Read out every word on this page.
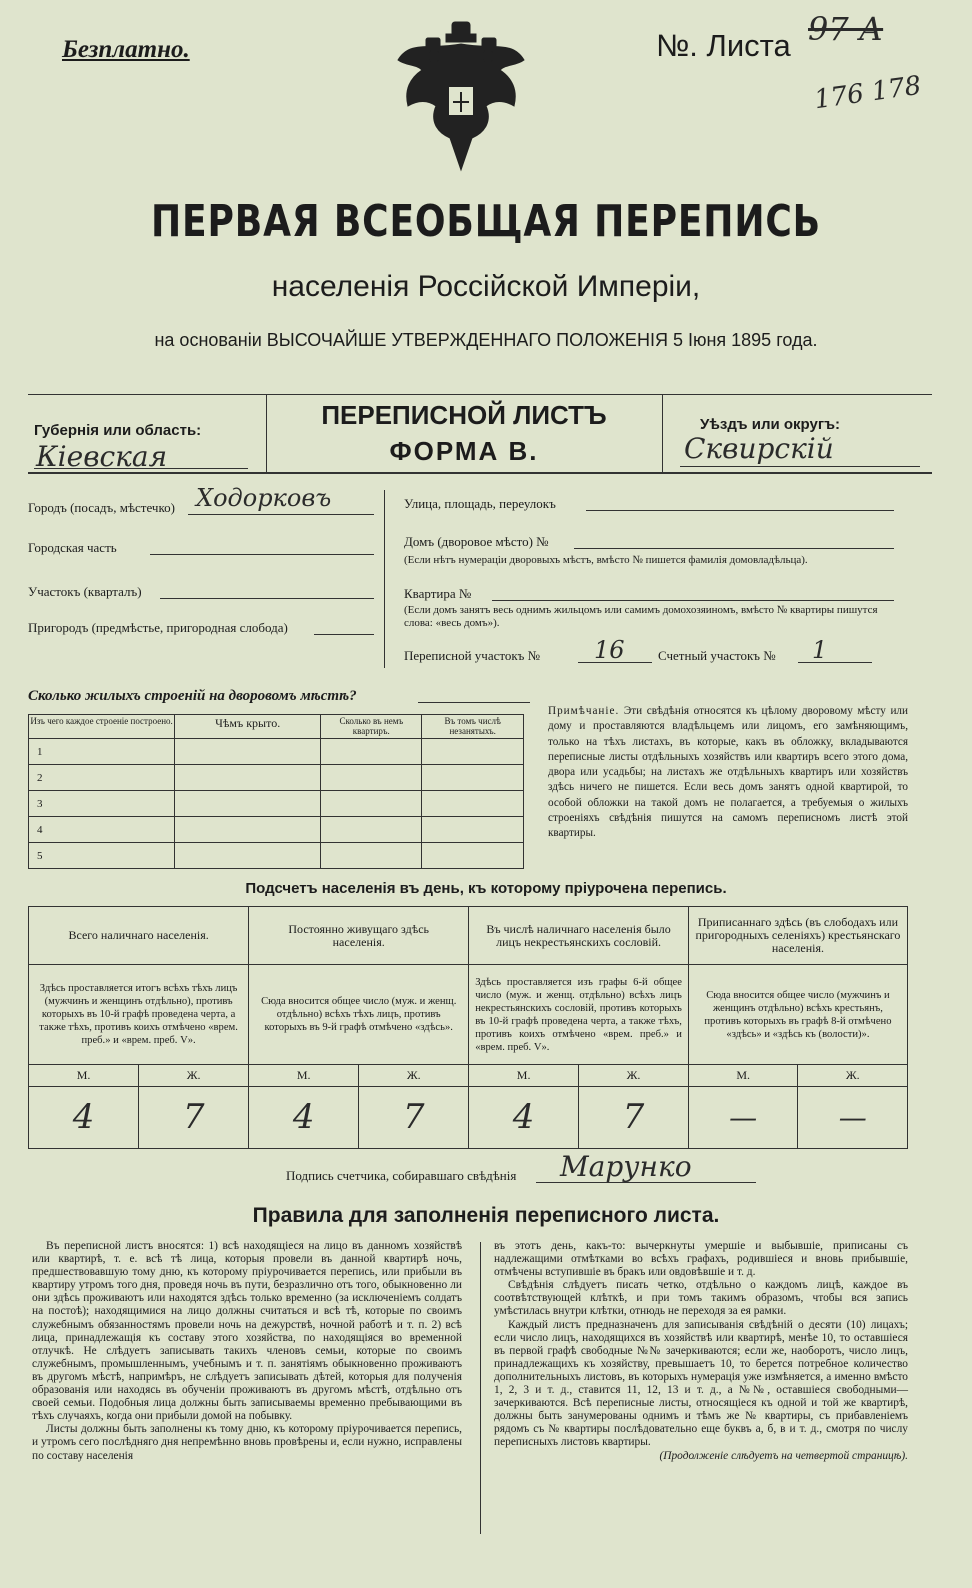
Безплатно.	№. Листа 97 А
176 178
ПЕРВАЯ ВСЕОБЩАЯ ПЕРЕПИСЬ
населенія Россійской Имперіи,
на основаніи ВЫСОЧАЙШЕ УТВЕРЖДЕННАГО ПОЛОЖЕНІЯ 5 Іюня 1895 года.
Губернія или область:
Кіевская
ПЕРЕПИСНОЙ ЛИСТЪ
ФОРМА В.
Уѣздъ или округъ:
Сквирскій
Городъ (посадъ, мѣстечко) Ходорковъ
Городская часть
Участокъ (кварталъ)
Пригородъ (предмѣстье, пригородная слобода)
Улица, площадь, переулокъ
Домъ (дворовое мѣсто) №
(Если нѣтъ нумераціи дворовыхъ мѣстъ, вмѣсто № пишется фамилія домовладѣльца).
Квартира №
(Если домъ занятъ весь однимъ жильцомъ или самимъ домохозяиномъ, вмѣсто № квартиры пишутся слова: «весь домъ»).
Переписной участокъ № 16	Счетный участокъ № 1
Сколько жилыхъ строеній на дворовомъ мѣстѣ?
Изъ чего каждое строеніе построено.	Чѣмъ крыто.	Сколько въ немъ квартиръ.	Въ томъ числѣ незанятыхъ.
1			
2			
3			
4			
5			
Примѣчаніе. Эти свѣдѣнія относятся къ цѣлому дворовому мѣсту или дому и проставляются владѣльцемъ или лицомъ, его замѣняющимъ, только на тѣхъ листахъ, въ которые, какъ въ обложку, вкладываются переписные листы отдѣльныхъ хозяйствъ или квартиръ всего этого дома, двора или усадьбы; на листахъ же отдѣльныхъ квартиръ или хозяйствъ здѣсь ничего не пишется. Если весь домъ занятъ одной квартирой, то особой обложки на такой домъ не полагается, а требуемыя о жилыхъ строеніяхъ свѣдѣнія пишутся на самомъ переписномъ листѣ этой квартиры.
Подсчетъ населенія въ день, къ которому пріурочена перепись.
Всего наличнаго населенія.		Постоянно живущаго здѣсь населенія.		Въ числѣ наличнаго населенія было лицъ некрестьянскихъ сословій.		Приписаннаго здѣсь (въ слободахъ или пригородныхъ селеніяхъ) крестьянскаго населенія.	
Здѣсь проставляется итогъ всѣхъ тѣхъ лицъ (мужчинъ и женщинъ отдѣльно), противъ которыхъ въ 10-й графѣ проведена черта, а также тѣхъ, противъ коихъ отмѣчено «врем. преб.» и «врем. преб. V».		Сюда вносится общее число (муж. и женщ. отдѣльно) всѣхъ тѣхъ лицъ, противъ которыхъ въ 9-й графѣ отмѣчено «здѣсь».		Здѣсь проставляется изъ графы 6-й общее число (муж. и женщ. отдѣльно) всѣхъ лицъ некрестьянскихъ сословій, противъ которыхъ въ 10-й графѣ проведена черта, а также тѣхъ, противъ коихъ отмѣчено «врем. преб.» и «врем. преб. V».		Сюда вносится общее число (мужчинъ и женщинъ отдѣльно) всѣхъ крестьянъ, противъ которыхъ въ графѣ 8-й отмѣчено «здѣсь» и «здѣсь къ (волости)».	
М.	Ж.	М.	Ж.	М.	Ж.	М.	Ж.
4	7	4	7	4	7	—	—
Подпись счетчика, собиравшаго свѣдѣнія Марунко
Правила для заполненія переписного листа.

Въ переписной листъ вносятся: 1) всѣ находящіеся на лицо въ данномъ хозяйствѣ или квартирѣ, т. е. всѣ тѣ лица, которыя провели въ данной квартирѣ ночь, предшествовавшую тому дню, къ которому пріурочивается перепись, или прибыли въ квартиру утромъ того дня, проведя ночь въ пути, безразлично отъ того, обыкновенно ли они здѣсь проживаютъ или находятся здѣсь только временно (за исключеніемъ солдатъ на постоѣ); находящимися на лицо должны считаться и всѣ тѣ, которые по своимъ служебнымъ обязанностямъ провели ночь на дежурствѣ, ночной работѣ и т. п. 2) всѣ лица, принадлежащія къ составу этого хозяйства, по находящіяся во временной отлучкѣ. Не слѣдуетъ записывать такихъ членовъ семьи, которые по своимъ служебнымъ, промышленнымъ, учебнымъ и т. п. занятіямъ обыкновенно проживаютъ въ другомъ мѣстѣ, напримѣръ, не слѣдуетъ записывать дѣтей, которыя для полученія образованія или находясь въ обученіи проживаютъ въ другомъ мѣстѣ, отдѣльно отъ своей семьи. Подобныя лица должны быть записываемы временно пребывающими въ тѣхъ случаяхъ, когда они прибыли домой на побывку.

Листы должны быть заполнены къ тому дню, къ которому пріурочивается перепись, и утромъ сего послѣдняго дня непремѣнно вновь провѣрены и, если нужно, исправлены по составу населенія

въ этотъ день, какъ-то: вычеркнуты умершіе и выбывшіе, приписаны съ надлежащими отмѣтками во всѣхъ графахъ, родившіеся и вновь прибывшіе, отмѣчены вступившіе въ бракъ или овдовѣвшіе и т. д.

Свѣдѣнія слѣдуетъ писать четко, отдѣльно о каждомъ лицѣ, каждое въ соотвѣтствующей клѣткѣ, и при томъ такимъ образомъ, чтобы вся запись умѣстилась внутри клѣтки, отнюдь не переходя за ея рамки.

Каждый листъ предназначенъ для записыванія свѣдѣній о десяти (10) лицахъ; если число лицъ, находящихся въ хозяйствѣ или квартирѣ, менѣе 10, то оставшіеся въ первой графѣ свободные №№ зачеркиваются; если же, наоборотъ, число лицъ, принадлежащихъ къ хозяйству, превышаетъ 10, то берется потребное количество дополнительныхъ листовъ, въ которыхъ нумерація уже измѣняется, а именно вмѣсто 1, 2, 3 и т. д., ставится 11, 12, 13 и т. д., а №№, оставшіеся свободными—зачеркиваются. Всѣ переписные листы, относящіеся къ одной и той же квартирѣ, должны быть занумерованы однимъ и тѣмъ же № квартиры, съ прибавленіемъ рядомъ съ № квартиры послѣдовательно еще буквъ а, б, в и т. д., смотря по числу переписныхъ листовъ квартиры.

(Продолженіе слѣдуетъ на четвертой страницѣ).
